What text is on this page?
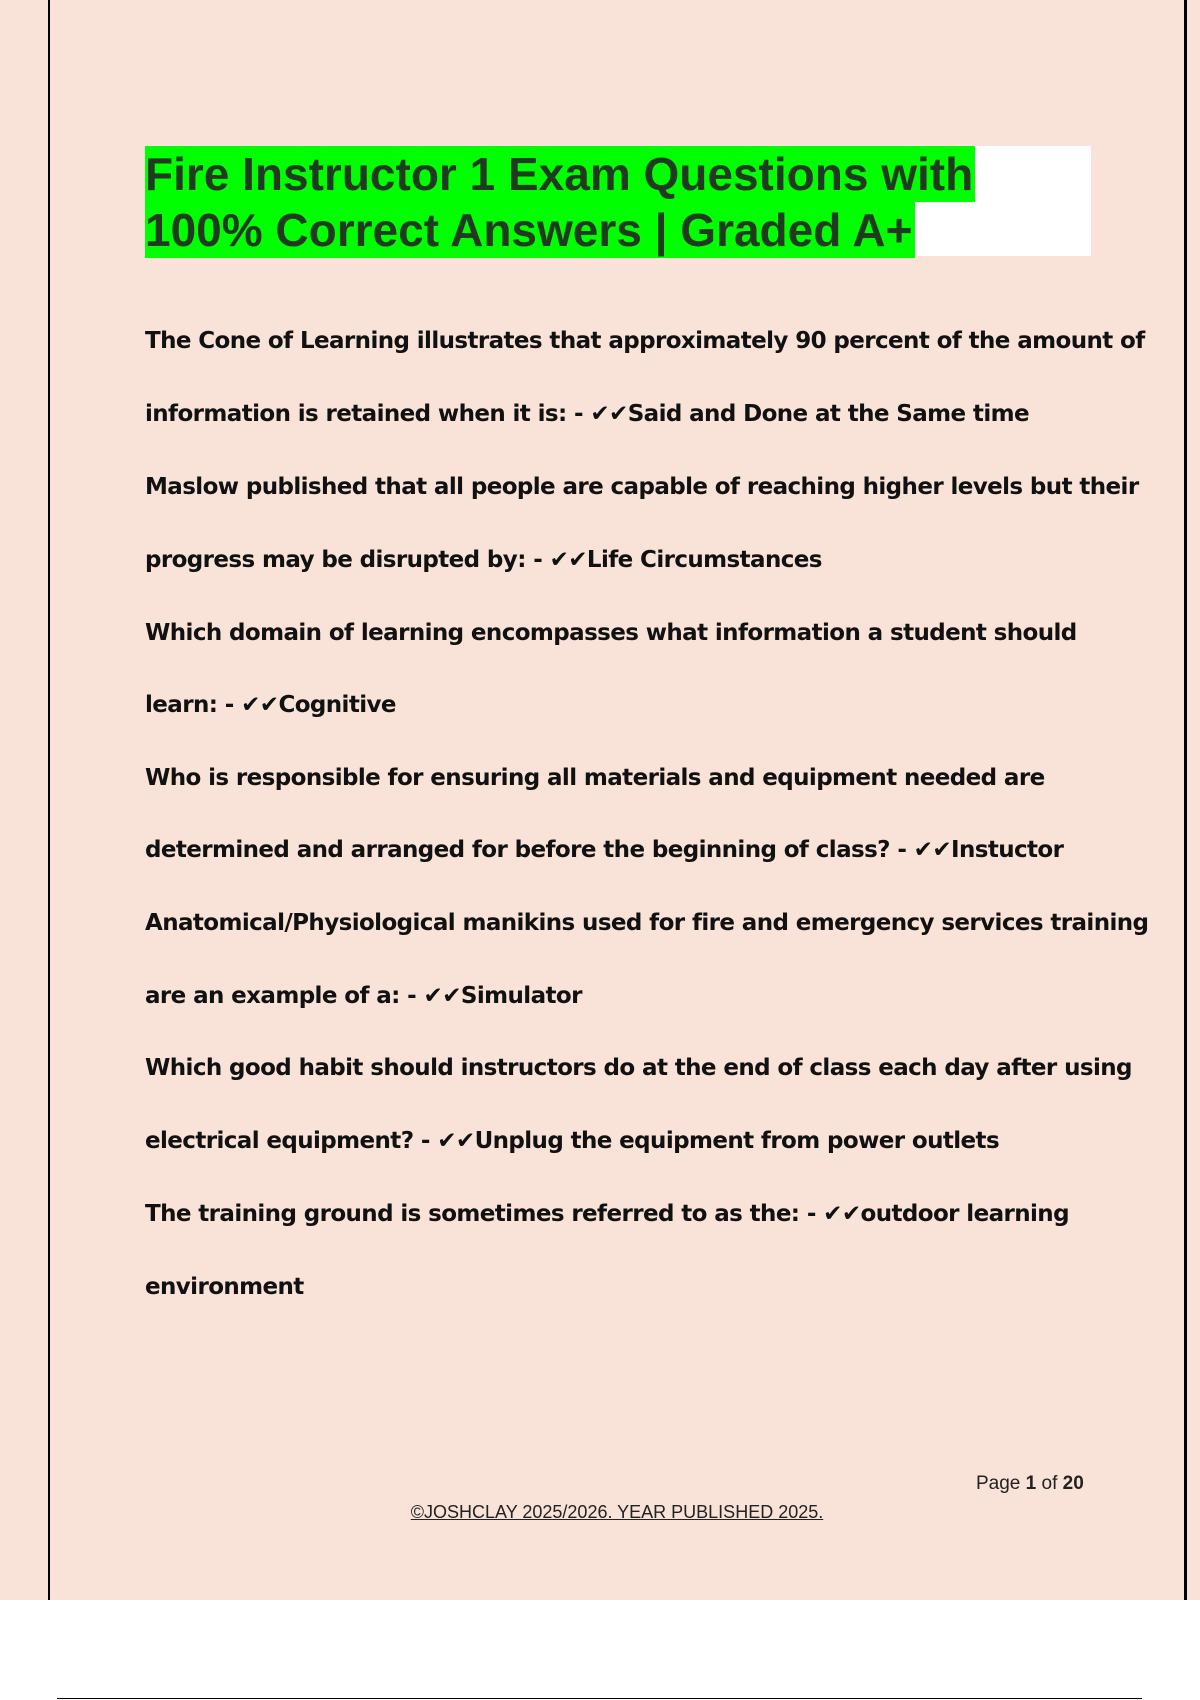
Fire Instructor 1 Exam Questions with
100% Correct Answers | Graded A+
The Cone of Learning illustrates that approximately 90 percent of the amount of
information is retained when it is: - ✔✔Said and Done at the Same time
Maslow published that all people are capable of reaching higher levels but their
progress may be disrupted by: - ✔✔Life Circumstances
Which domain of learning encompasses what information a student should
learn: - ✔✔Cognitive
Who is responsible for ensuring all materials and equipment needed are
determined and arranged for before the beginning of class? - ✔✔Instuctor
Anatomical/Physiological manikins used for fire and emergency services training
are an example of a: - ✔✔Simulator
Which good habit should instructors do at the end of class each day after using
electrical equipment? - ✔✔Unplug the equipment from power outlets
The training ground is sometimes referred to as the: - ✔✔outdoor learning
environment
Page 1 of 20
©JOSHCLAY 2025/2026. YEAR PUBLISHED 2025.
